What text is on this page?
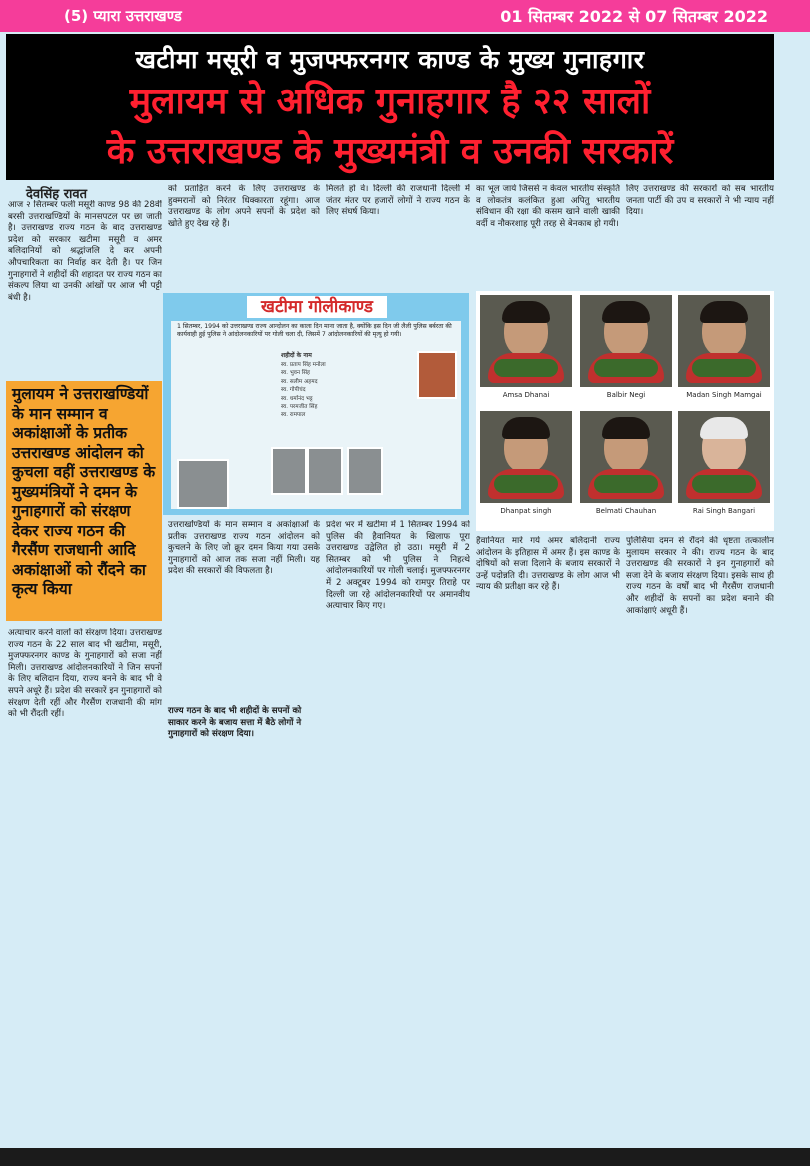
(5) प्यारा उत्तराखण्ड	01 सितम्बर 2022 से 07 सितम्बर 2022
खटीमा मसूरी व मुजफ्फरनगर काण्ड के मुख्य गुनाहगार
मुलायम से अधिक गुनाहगार है २२ सालों
के उत्तराखण्ड के मुख्यमंत्री व उनकी सरकारें
देवसिंह रावत
आज २ सितम्बर फली मसूरी काण्ड 98 की 28वीं बरसी उत्तराखण्डियों के मानसपटल पर छा जाती है। उत्तराखण्ड राज्य गठन के बाद उत्तराखण्ड प्रदेश को सरकार खटीमा मसूरी व अमर बलिदानियों को श्रद्धांजलि दे कर अपनी औपचारिकता का निर्वाह कर देती है। पर जिन गुनाहगारों ने शहीदों की शहादत पर राज्य गठन का संकल्प लिया था उनकी आंखों पर आज भी पट्टी बंधी है।

मुलायम ने उत्तराखण्डियों के मान सम्मान व अकांक्षाओं के प्रतीक उत्तराखण्ड आंदोलन को कुचला वहीं उत्तराखण्ड के मुख्यमंत्रियों ने दमन के गुनाहगारों को संरक्षण देकर राज्य गठन की गैरसैंण राजधानी आदि अकांक्षाओं को रौंदने का कृत्य किया

अत्याचार करने वालों को संरक्षण दिया। उत्तराखण्ड राज्य गठन के 22 साल बाद भी खटीमा, मसूरी, मुजफ्फरनगर काण्ड के गुनाहगारों को सजा नहीं मिली। उत्तराखण्ड आंदोलनकारियों ने जिन सपनों के लिए बलिदान दिया, राज्य बनने के बाद भी वे सपने अधूरे हैं। प्रदेश की सरकारें इन गुनाहगारों को संरक्षण देती रहीं और गैरसैंण राजधानी की मांग को भी रौंदती रहीं।
को प्रताड़ित करने के लिए उत्तराखण्ड के हुक्मरानों को निरंतर धिक्कारता रहूंगा। आज उत्तराखण्ड के लोग अपने सपनों के प्रदेश को खोते हुए देख रहे हैं।
मिलते हो वे। दिल्ली की राजधानी दिल्ली में जंतर मंतर पर हजारों लोगों ने राज्य गठन के लिए संघर्ष किया।
का भूल जाये जिससे न केवल भारतीय संस्कृति व लोकतंत्र कलंकित हुआ अपितु भारतीय संविधान की रक्षा की कसम खाने वाली खाकी वर्दी व नौकरशाह पूरी तरह से बेनकाब हो गयी।
लिए उत्तराखण्ड की सरकारों को सब भारतीय जनता पार्टी की उप व सरकारों ने भी न्याय नहीं दिया।
खटीमा गोलीकाण्ड
1 सितम्बर, 1994 को उत्तराखण्ड राज्य आन्दोलन का काला दिन माना जाता है, क्योंकि इस दिन जी लैली पुलिस बर्बरता की कार्यवाही हुई पुलिस ने आंदोलनकारियों पर गोली चला दी, जिसमें 7 आंदोलनकारियों की मृत्यु हो गयी।
शहीदों के नाम
स्व. प्रताप सिंह मनोला
स्व. भुवन सिंह
स्व. सलीम अहमद
स्व. गोपीचंद
स्व. धर्मानंद भट्ट
स्व. परमजीत सिंह
स्व. रामपाल
Amsa Dhanai	Balbir Negi	Madan Singh Mamgai
Dhanpat singh	Belmati Chauhan	Rai Singh Bangari
उत्तराखण्डियों के मान सम्मान व अकांक्षाओं के प्रतीक उत्तराखण्ड राज्य गठन आंदोलन को कुचलने के लिए जो क्रूर दमन किया गया उसके गुनाहगारों को आज तक सजा नहीं मिली। यह प्रदेश की सरकारों की विफलता है।
राज्य गठन के बाद भी शहीदों के सपनों को साकार करने के बजाय सत्ता में बैठे लोगों ने गुनाहगारों को संरक्षण दिया।
प्रदेश भर में खटीमा में 1 सितम्बर 1994 को पुलिस की हैवानियत के खिलाफ पूरा उत्तराखण्ड उद्वेलित हो उठा। मसूरी में 2 सितम्बर को भी पुलिस ने निहत्थे आंदोलनकारियों पर गोली चलाई। मुजफ्फरनगर में 2 अक्टूबर 1994 को रामपुर तिराहे पर दिल्ली जा रहे आंदोलनकारियों पर अमानवीय अत्याचार किए गए।
हैवानियत मारे गये अमर बलिदानी राज्य आंदोलन के इतिहास में अमर हैं। इस काण्ड के दोषियों को सजा दिलाने के बजाय सरकारों ने उन्हें पदोन्नति दी। उत्तराखण्ड के लोग आज भी न्याय की प्रतीक्षा कर रहे हैं।
पुलिसिया दमन से रौंदने की धृष्टता तत्कालीन मुलायम सरकार ने की। राज्य गठन के बाद उत्तराखण्ड की सरकारों ने इन गुनाहगारों को सजा देने के बजाय संरक्षण दिया। इसके साथ ही राज्य गठन के वर्षों बाद भी गैरसैंण राजधानी और शहीदों के सपनों का प्रदेश बनाने की आकांक्षाएं अधूरी हैं।
